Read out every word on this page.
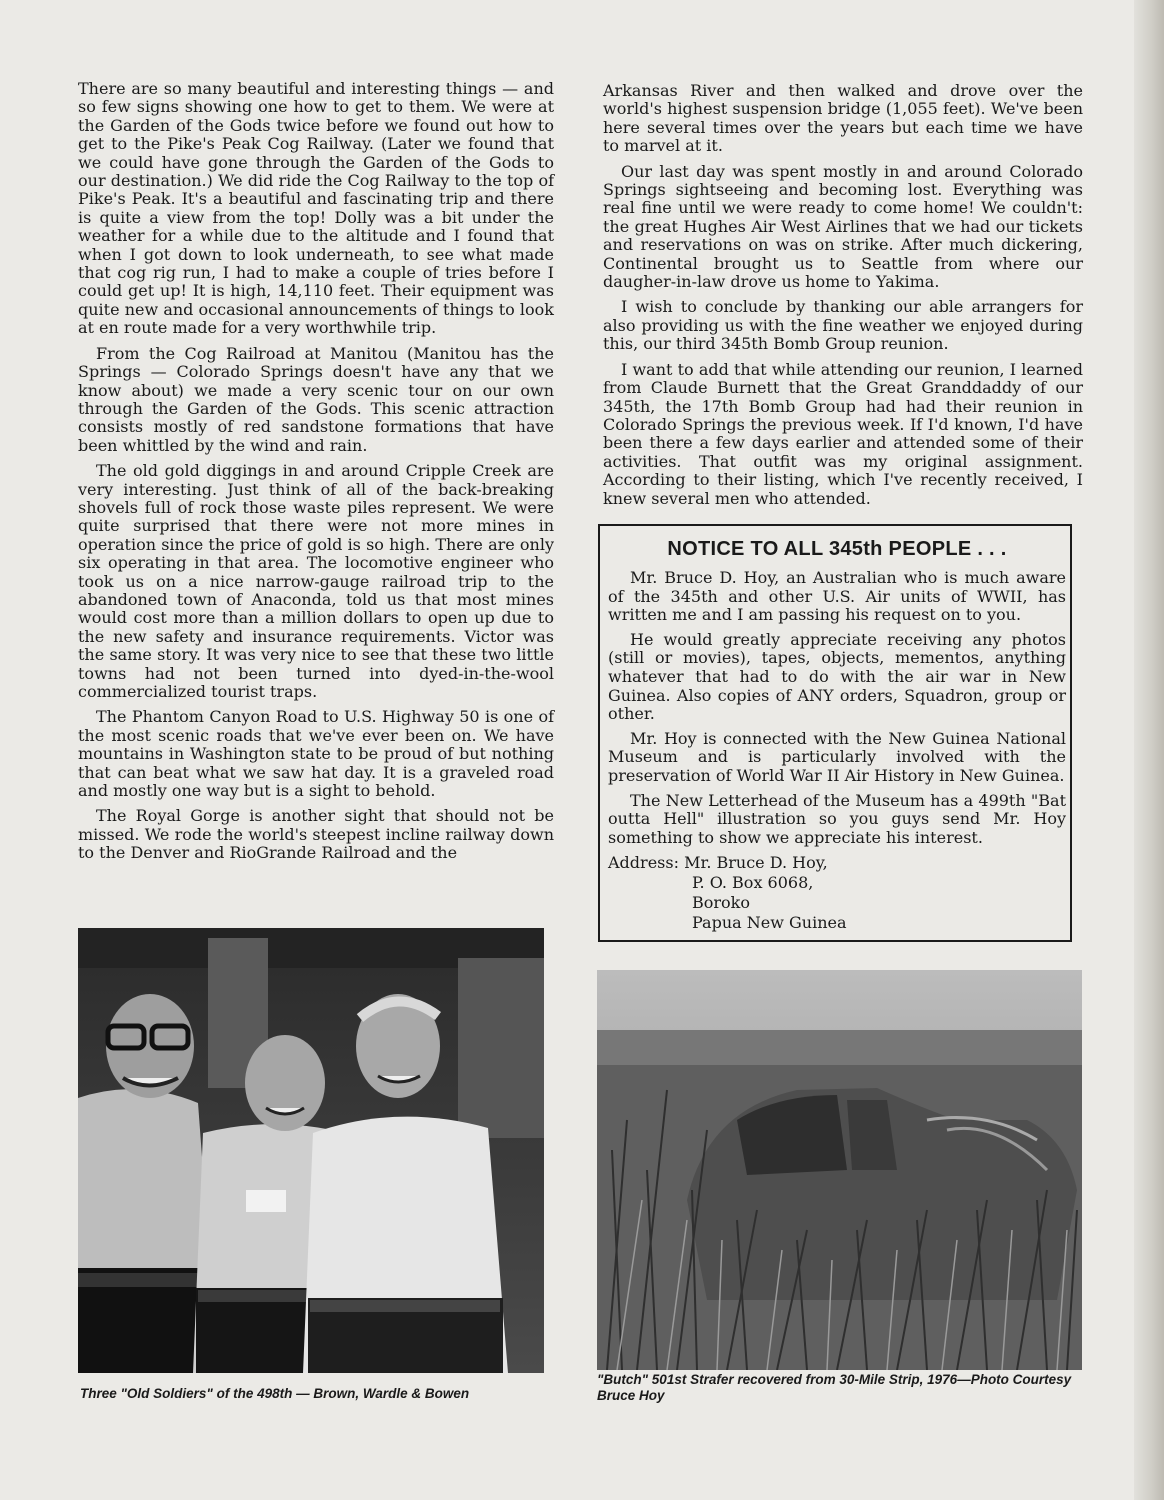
There are so many beautiful and interesting things — and so few signs showing one how to get to them. We were at the Garden of the Gods twice before we found out how to get to the Pike's Peak Cog Railway. (Later we found that we could have gone through the Garden of the Gods to our destination.) We did ride the Cog Railway to the top of Pike's Peak. It's a beautiful and fascinating trip and there is quite a view from the top! Dolly was a bit under the weather for a while due to the altitude and I found that when I got down to look underneath, to see what made that cog rig run, I had to make a couple of tries before I could get up! It is high, 14,110 feet. Their equipment was quite new and occasional announcements of things to look at en route made for a very worthwhile trip.

From the Cog Railroad at Manitou (Manitou has the Springs — Colorado Springs doesn't have any that we know about) we made a very scenic tour on our own through the Garden of the Gods. This scenic attraction consists mostly of red sandstone formations that have been whittled by the wind and rain.

The old gold diggings in and around Cripple Creek are very interesting. Just think of all of the back-breaking shovels full of rock those waste piles represent. We were quite surprised that there were not more mines in operation since the price of gold is so high. There are only six operating in that area. The locomotive engineer who took us on a nice narrow-gauge railroad trip to the abandoned town of Anaconda, told us that most mines would cost more than a million dollars to open up due to the new safety and insurance requirements. Victor was the same story. It was very nice to see that these two little towns had not been turned into dyed-in-the-wool commercialized tourist traps.

The Phantom Canyon Road to U.S. Highway 50 is one of the most scenic roads that we've ever been on. We have mountains in Washington state to be proud of but nothing that can beat what we saw hat day. It is a graveled road and mostly one way but is a sight to behold.

The Royal Gorge is another sight that should not be missed. We rode the world's steepest incline railway down to the Denver and RioGrande Railroad and the

Arkansas River and then walked and drove over the world's highest suspension bridge (1,055 feet). We've been here several times over the years but each time we have to marvel at it.

Our last day was spent mostly in and around Colorado Springs sightseeing and becoming lost. Everything was real fine until we were ready to come home! We couldn't: the great Hughes Air West Airlines that we had our tickets and reservations on was on strike. After much dickering, Continental brought us to Seattle from where our daugher-in-law drove us home to Yakima.

I wish to conclude by thanking our able arrangers for also providing us with the fine weather we enjoyed during this, our third 345th Bomb Group reunion.

I want to add that while attending our reunion, I learned from Claude Burnett that the Great Granddaddy of our 345th, the 17th Bomb Group had had their reunion in Colorado Springs the previous week. If I'd known, I'd have been there a few days earlier and attended some of their activities. That outfit was my original assignment. According to their listing, which I've recently received, I knew several men who attended.

NOTICE TO ALL 345th PEOPLE . . .

Mr. Bruce D. Hoy, an Australian who is much aware of the 345th and other U.S. Air units of WWII, has written me and I am passing his request on to you.

He would greatly appreciate receiving any photos (still or movies), tapes, objects, mementos, anything whatever that had to do with the air war in New Guinea. Also copies of ANY orders, Squadron, group or other.

Mr. Hoy is connected with the New Guinea National Museum and is particularly involved with the preservation of World War II Air History in New Guinea.

The New Letterhead of the Museum has a 499th "Bat outta Hell" illustration so you guys send Mr. Hoy something to show we appreciate his interest.

Address: Mr. Bruce D. Hoy,
P. O. Box 6068,
Boroko
Papua New Guinea
Three "Old Soldiers" of the 498th — Brown, Wardle & Bowen
"Butch" 501st Strafer recovered from 30-Mile Strip, 1976—Photo Courtesy Bruce Hoy
